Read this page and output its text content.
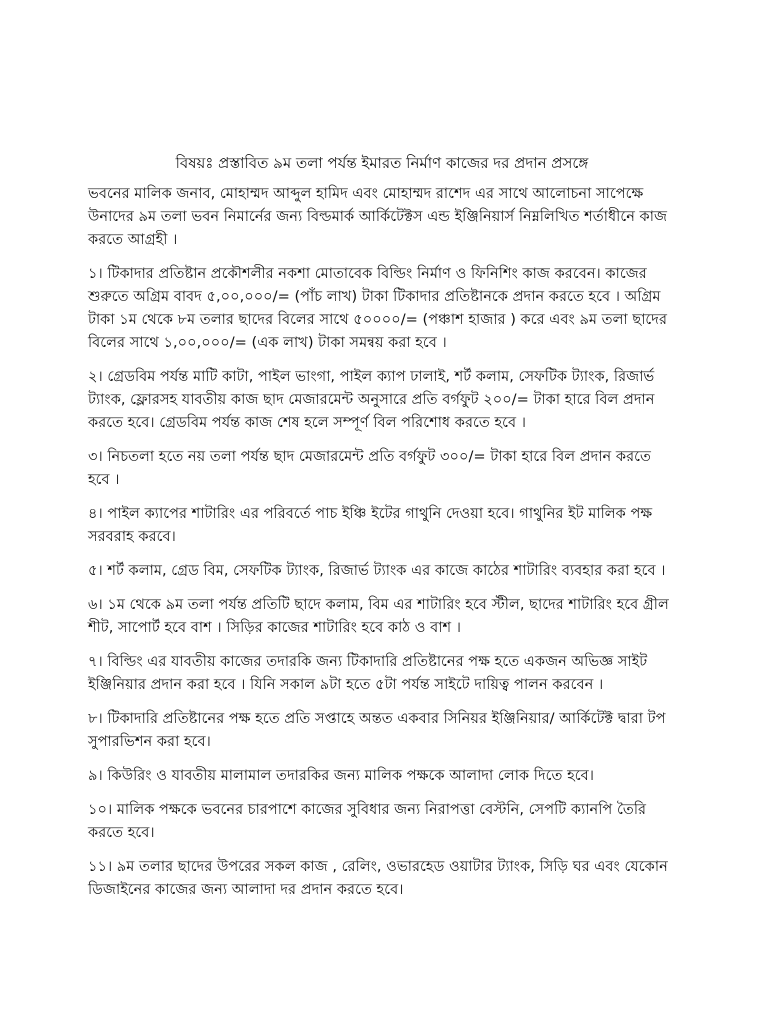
বিষয়ঃ প্রস্তাবিত ৯ম তলা পর্যন্ত ইমারত নির্মাণ কাজের দর প্রদান প্রসঙ্গে

ভবনের মালিক জনাব, মোহাম্মদ আব্দুল হামিদ এবং মোহাম্মদ রাশেদ এর সাথে আলোচনা সাপেক্ষে উনাদের ৯ম তলা ভবন নিমার্নের জন্য বিল্ডমার্ক আর্কিটেক্টস এন্ড ইঞ্জিনিয়ার্স নিম্নলিখিত শর্তাধীনে কাজ করতে আগ্রহী ।

১। টিকাদার প্রতিষ্টান প্রকৌশলীর নকশা মোতাবেক বিল্ডিং নির্মাণ ও ফিনিশিং কাজ করবেন। কাজের শুরুতে অগ্রিম বাবদ ৫,০০,০০০/= (পাঁচ লাখ) টাকা টিকাদার প্রতিষ্টানকে প্রদান করতে হবে । অগ্রিম টাকা ১ম থেকে ৮ম তলার ছাদের বিলের সাথে ৫০০০০/= (পঞ্চাশ হাজার ) করে এবং ৯ম তলা ছাদের বিলের সাথে ১,০০,০০০/= (এক লাখ) টাকা সমন্বয় করা হবে ।

২। গ্রেডবিম পর্যন্ত মাটি কাটা, পাইল ভাংগা, পাইল ক্যাপ ঢালাই, শর্ট কলাম, সেফটিক ট্যাংক, রিজার্ভ ট্যাংক, ফ্লোরসহ যাবতীয় কাজ ছাদ মেজারমেন্ট অনুসারে প্রতি বর্গফুট ২০০/= টাকা হারে বিল প্রদান করতে হবে। গ্রেডবিম পর্যন্ত কাজ শেষ হলে সম্পূর্ণ বিল পরিশোধ করতে হবে ।

৩। নিচতলা হতে নয় তলা পর্যন্ত ছাদ মেজারমেন্ট প্রতি বর্গফুট ৩০০/= টাকা হারে বিল প্রদান করতে হবে ।

৪। পাইল ক্যাপের শাটারিং এর পরিবর্তে পাচ ইঞ্চি ইটের গাথুনি দেওয়া হবে। গাথুনির ইট মালিক পক্ষ সরবরাহ করবে।

৫। শর্ট কলাম, গ্রেড বিম, সেফটিক ট্যাংক, রিজার্ভ ট্যাংক এর কাজে কাঠের শাটারিং ব্যবহার করা হবে ।

৬। ১ম থেকে ৯ম তলা পর্যন্ত প্রতিটি ছাদে কলাম, বিম এর শাটারিং হবে স্টীল, ছাদের শাটারিং হবে গ্রীল শীট, সাপোর্ট হবে বাশ । সিড়ির কাজের শাটারিং হবে কাঠ ও বাশ ।

৭। বিল্ডিং এর যাবতীয় কাজের তদারকি জন্য টিকাদারি প্রতিষ্টানের পক্ষ হতে একজন অভিজ্ঞ সাইট ইঞ্জিনিয়ার প্রদান করা হবে । যিনি সকাল ৯টা হতে ৫টা পর্যন্ত সাইটে দায়িত্ব পালন করবেন ।

৮। টিকাদারি প্রতিষ্টানের পক্ষ হতে প্রতি সপ্তাহে অন্তত একবার সিনিয়র ইঞ্জিনিয়ার/ আর্কিটেক্ট দ্বারা টপ সুপারভিশন করা হবে।

৯। কিউরিং ও যাবতীয় মালামাল তদারকির জন্য মালিক পক্ষকে আলাদা লোক দিতে হবে।

১০। মালিক পক্ষকে ভবনের চারপাশে কাজের সুবিধার জন্য নিরাপত্তা বেস্টনি, সেপটি ক্যানপি তৈরি করতে হবে।

১১। ৯ম তলার ছাদের উপরের সকল কাজ , রেলিং, ওভারহেড ওয়াটার ট্যাংক, সিড়ি ঘর এবং যেকোন ডিজাইনের কাজের জন্য আলাদা দর প্রদান করতে হবে।
